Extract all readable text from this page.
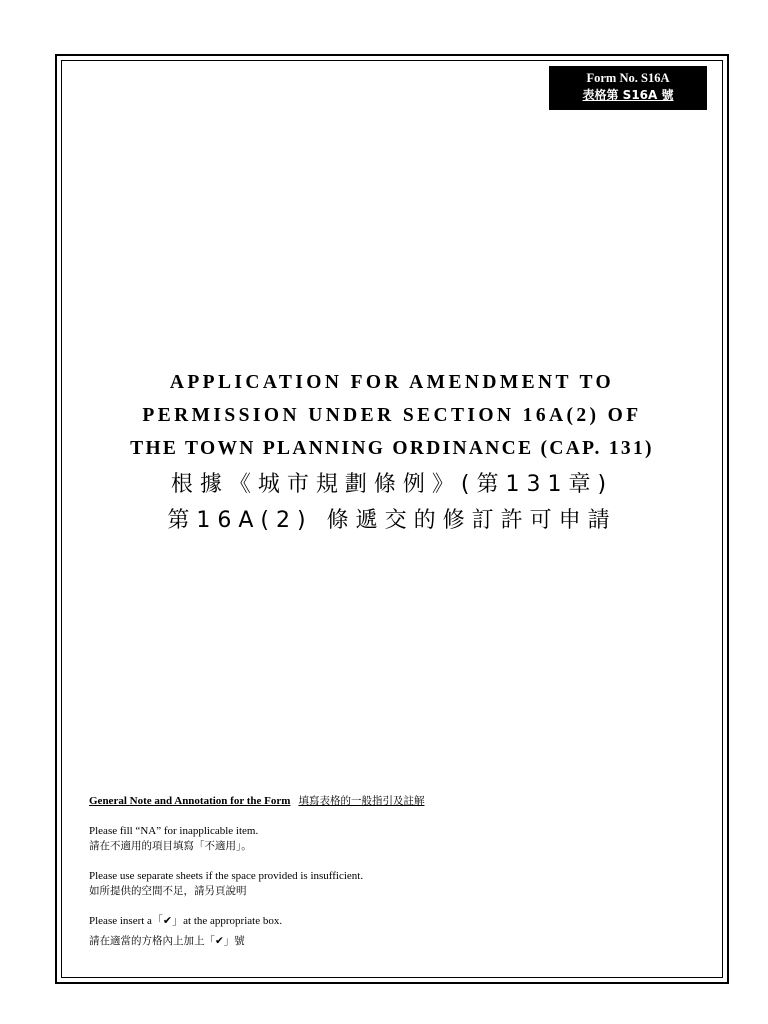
Form No. S16A
表格第 S16A 號

APPLICATION FOR AMENDMENT TO

PERMISSION UNDER SECTION 16A(2) OF

THE TOWN PLANNING ORDINANCE (CAP. 131)

根據《城市規劃條例》(第131章)

第16A(2) 條遞交的修訂許可申請

General Note and Annotation for the Form 填寫表格的一般指引及註解
Please fill “NA” for inapplicable item.
請在不適用的項目填寫「不適用」。
Please use separate sheets if the space provided is insufficient.
如所提供的空間不足，請另頁說明
Please insert a「✔」at the appropriate box.
請在適當的方格內上加上「✔」號
